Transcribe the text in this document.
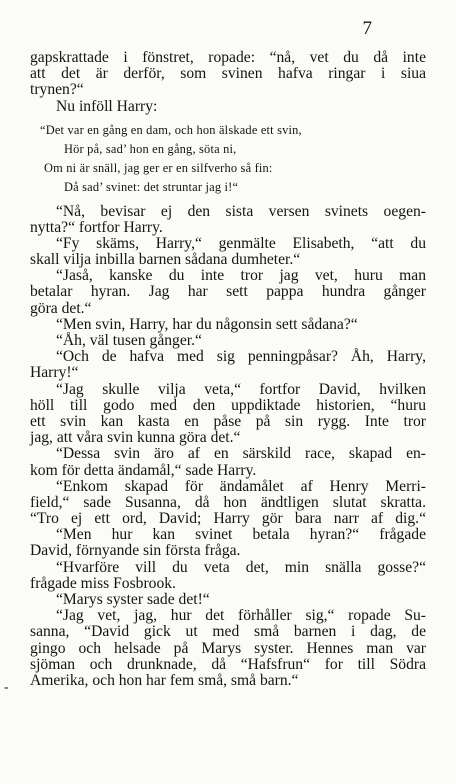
7
-
gapskrattade i fönstret, ropade: “nå, vet du då inte
att det är derför, som svinen hafva ringar i siua
trynen?“
Nu inföll Harry:
“Det var en gång en dam, och hon älskade ett svin,
Hör på, sad’ hon en gång, söta ni,
Om ni är snäll, jag ger er en silfverho så fin:
Då sad’ svinet: det struntar jag i!“
“Nå, bevisar ej den sista versen svinets oegen-
nytta?“ fortfor Harry.
“Fy skäms, Harry,“ genmälte Elisabeth, “att du
skall vilja inbilla barnen sådana dumheter.“
“Jaså, kanske du inte tror jag vet, huru man
betalar hyran. Jag har sett pappa hundra gånger
göra det.“
“Men svin, Harry, har du någonsin sett sådana?“
“Åh, väl tusen gånger.“
“Och de hafva med sig penningpåsar? Åh, Harry,
Harry!“
“Jag skulle vilja veta,“ fortfor David, hvilken
höll till godo med den uppdiktade historien, “huru
ett svin kan kasta en påse på sin rygg. Inte tror
jag, att våra svin kunna göra det.“
“Dessa svin äro af en särskild race, skapad en-
kom för detta ändamål,“ sade Harry.
“Enkom skapad för ändamålet af Henry Merri-
field,“ sade Susanna, då hon ändtligen slutat skratta.
“Tro ej ett ord, David; Harry gör bara narr af dig.“
“Men hur kan svinet betala hyran?“ frågade
David, förnyande sin första fråga.
“Hvarföre vill du veta det, min snälla gosse?“
frågade miss Fosbrook.
“Marys syster sade det!“
“Jag vet, jag, hur det förhåller sig,“ ropade Su-
sanna, “David gick ut med små barnen i dag, de
gingo och helsade på Marys syster. Hennes man var
sjöman och drunknade, då “Hafsfrun“ for till Södra
Amerika, och hon har fem små, små barn.“
